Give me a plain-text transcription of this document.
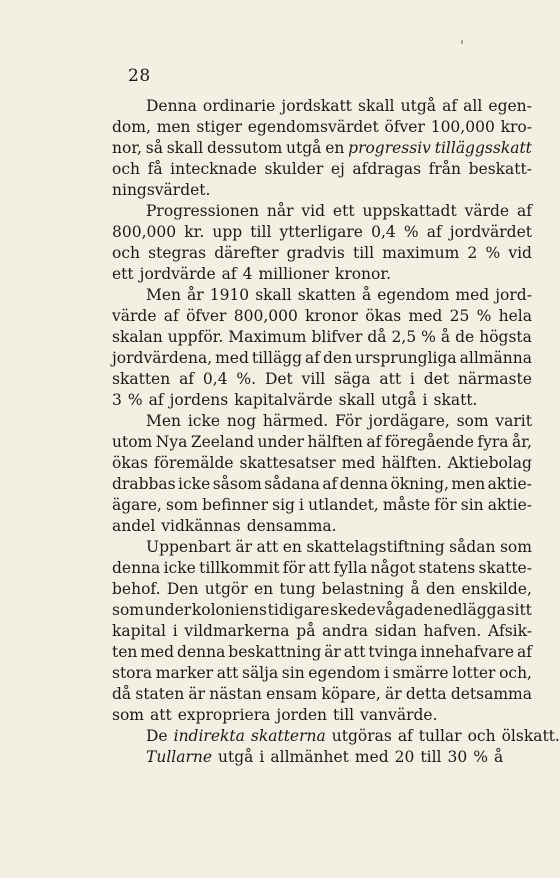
28
Denna ordinarie jordskatt skall utgå af all egen-
dom, men stiger egendomsvärdet öfver 100,000 kro-
nor, så skall dessutom utgå en progressiv tilläggsskatt
och få intecknade skulder ej afdragas från beskatt-
ningsvärdet.
Progressionen når vid ett uppskattadt värde af
800,000 kr. upp till ytterligare 0,4 % af jordvärdet
och stegras därefter gradvis till maximum 2 % vid
ett jordvärde af 4 millioner kronor.
Men år 1910 skall skatten å egendom med jord-
värde af öfver 800,000 kronor ökas med 25 % hela
skalan uppför. Maximum blifver då 2,5 % å de högsta
jordvärdena, med tillägg af den ursprungliga allmänna
skatten af 0,4 %. Det vill säga att i det närmaste
3 % af jordens kapitalvärde skall utgå i skatt.
Men icke nog härmed. För jordägare, som varit
utom Nya Zeeland under hälften af föregående fyra år,
ökas föremälde skattesatser med hälften. Aktiebolag
drabbas icke såsom sådana af denna ökning, men aktie-
ägare, som befinner sig i utlandet, måste för sin aktie-
andel vidkännas densamma.
Uppenbart är att en skattelagstiftning sådan som
denna icke tillkommit för att fylla något statens skatte-
behof. Den utgör en tung belastning å den enskilde,
som under koloniens tidigare skede vågade nedlägga sitt
kapital i vildmarkerna på andra sidan hafven. Afsik-
ten med denna beskattning är att tvinga innehafvare af
stora marker att sälja sin egendom i smärre lotter och,
då staten är nästan ensam köpare, är detta detsamma
som att expropriera jorden till vanvärde.
De indirekta skatterna utgöras af tullar och ölskatt.
Tullarne utgå i allmänhet med 20 till 30 % å
